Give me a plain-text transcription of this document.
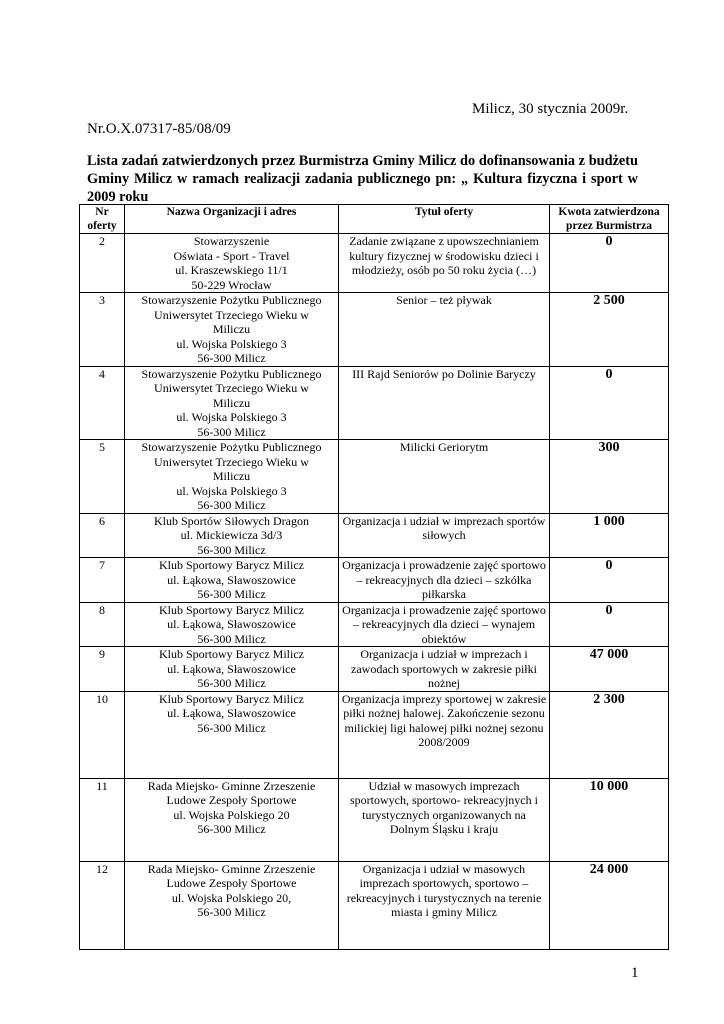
Milicz, 30 stycznia 2009r.
Nr.O.X.07317-85/08/09
Lista zadań zatwierdzonych przez Burmistrza Gminy Milicz do dofinansowania z budżetu Gminy Milicz w ramach realizacji zadania publicznego pn: „ Kultura fizyczna i sport w 2009 roku
Nr oferty	Nazwa Organizacji i adres	Tytuł oferty	Kwota zatwierdzona przez Burmistrza
2	Stowarzyszenie
Oświata - Sport - Travel
ul. Kraszewskiego 11/1
50-229 Wrocław	Zadanie związane z upowszechnianiem kultury fizycznej w środowisku dzieci i młodzieży, osób po 50 roku życia (…)	0
3	Stowarzyszenie Pożytku Publicznego
Uniwersytet Trzeciego Wieku w
Miliczu
ul. Wojska Polskiego 3
56-300 Milicz	Senior – też pływak	2 500
4	Stowarzyszenie Pożytku Publicznego
Uniwersytet Trzeciego Wieku w
Miliczu
ul. Wojska Polskiego 3
56-300 Milicz	III Rajd Seniorów po Dolinie Baryczy	0
5	Stowarzyszenie Pożytku Publicznego
Uniwersytet Trzeciego Wieku w
Miliczu
ul. Wojska Polskiego 3
56-300 Milicz	Milicki Geriorytm	300
6	Klub Sportów Siłowych Dragon
ul. Mickiewicza 3d/3
56-300 Milicz	Organizacja i udział w imprezach sportów siłowych	1 000
7	Klub Sportowy Barycz Milicz
ul. Łąkowa, Sławoszowice
56-300 Milicz	Organizacja i prowadzenie zajęć sportowo – rekreacyjnych dla dzieci – szkółka piłkarska	0
8	Klub Sportowy Barycz Milicz
ul. Łąkowa, Sławoszowice
56-300 Milicz	Organizacja i prowadzenie zajęć sportowo – rekreacyjnych dla dzieci – wynajem obiektów	0
9	Klub Sportowy Barycz Milicz
ul. Łąkowa, Sławoszowice
56-300 Milicz	Organizacja i udział w imprezach i zawodach sportowych w zakresie piłki nożnej	47 000
10	Klub Sportowy Barycz Milicz
ul. Łąkowa, Sławoszowice
56-300 Milicz	Organizacja imprezy sportowej w zakresie piłki nożnej halowej. Zakończenie sezonu milickiej ligi halowej piłki nożnej sezonu 2008/2009	2 300
11	Rada Miejsko- Gminne Zrzeszenie
Ludowe Zespoły Sportowe
ul. Wojska Polskiego 20
56-300 Milicz	Udział w masowych imprezach sportowych, sportowo- rekreacyjnych i turystycznych organizowanych na Dolnym Śląsku i kraju	10 000
12	Rada Miejsko- Gminne Zrzeszenie
Ludowe Zespoły Sportowe
ul. Wojska Polskiego 20,
56-300 Milicz	Organizacja i udział w masowych imprezach sportowych, sportowo – rekreacyjnych i turystycznych na terenie miasta i gminy Milicz	24 000
1
